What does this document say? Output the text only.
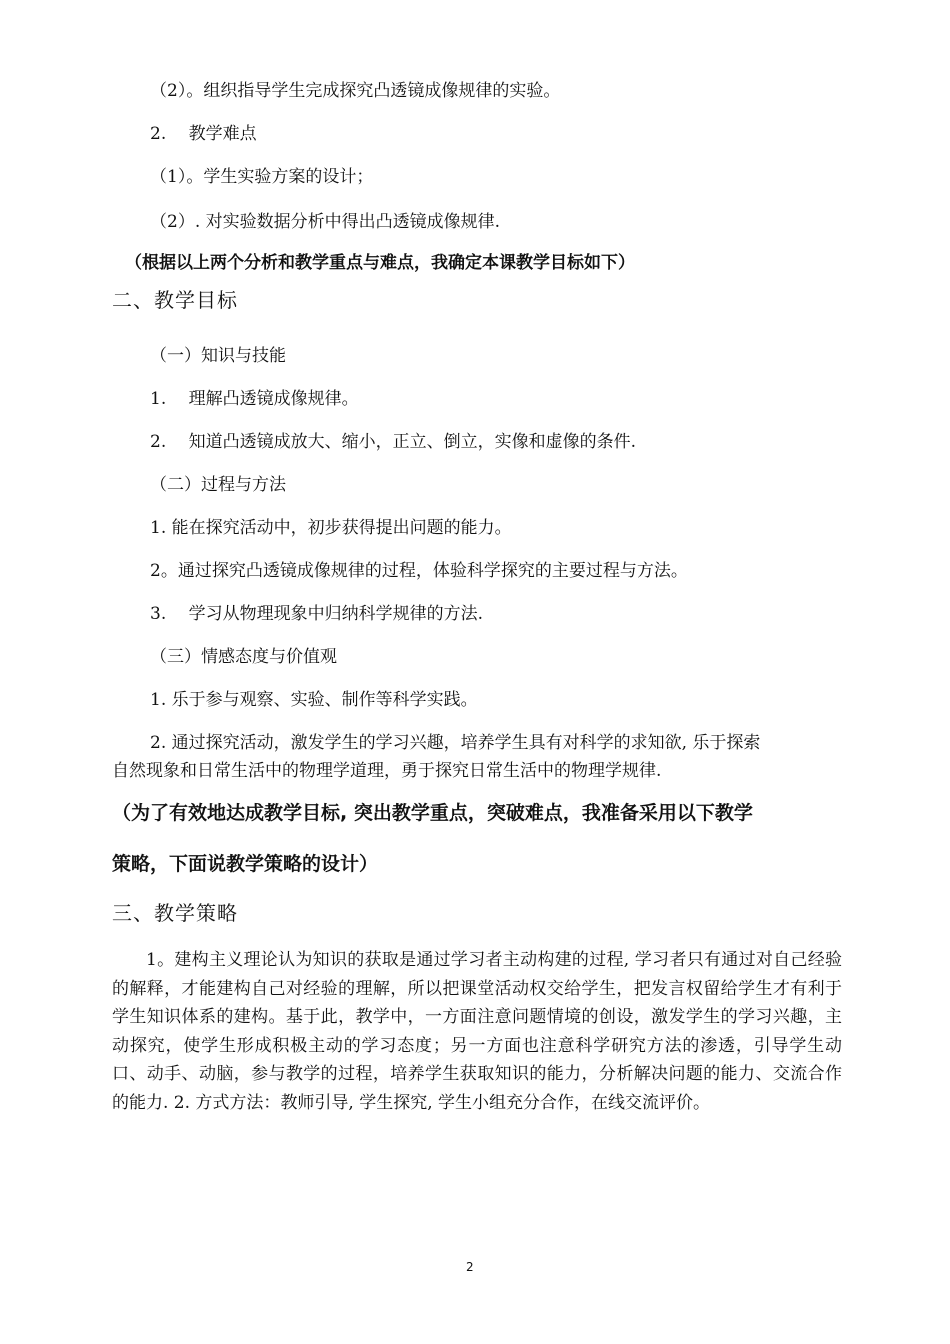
（2）。组织指导学生完成探究凸透镜成像规律的实验。
2.　 教学难点
（1）。学生实验方案的设计；
（2）. 对实验数据分析中得出凸透镜成像规律.
（根据以上两个分析和教学重点与难点，我确定本课教学目标如下）
二、教学目标
（一）知识与技能
1.　 理解凸透镜成像规律。
2.　 知道凸透镜成放大、缩小，正立、倒立，实像和虚像的条件.
（二）过程与方法
1. 能在探究活动中，初步获得提出问题的能力。
2。通过探究凸透镜成像规律的过程，体验科学探究的主要过程与方法。
3.　 学习从物理现象中归纳科学规律的方法.
（三）情感态度与价值观
1. 乐于参与观察、实验、制作等科学实践。
2. 通过探究活动，激发学生的学习兴趣，培养学生具有对科学的求知欲, 乐于探索
自然现象和日常生活中的物理学道理，勇于探究日常生活中的物理学规律.
（为了有效地达成教学目标, 突出教学重点，突破难点，我准备采用以下教学
策略，下面说教学策略的设计）
三、教学策略

1。建构主义理论认为知识的获取是通过学习者主动构建的过程, 学习者只有通过对自己经验的解释，才能建构自己对经验的理解，所以把课堂活动权交给学生，把发言权留给学生才有利于学生知识体系的建构。基于此，教学中，一方面注意问题情境的创设，激发学生的学习兴趣，主动探究，使学生形成积极主动的学习态度；另一方面也注意科学研究方法的渗透，引导学生动口、动手、动脑，参与教学的过程，培养学生获取知识的能力，分析解决问题的能力、交流合作的能力. 2. 方式方法：教师引导, 学生探究, 学生小组充分合作，在线交流评价。

2
